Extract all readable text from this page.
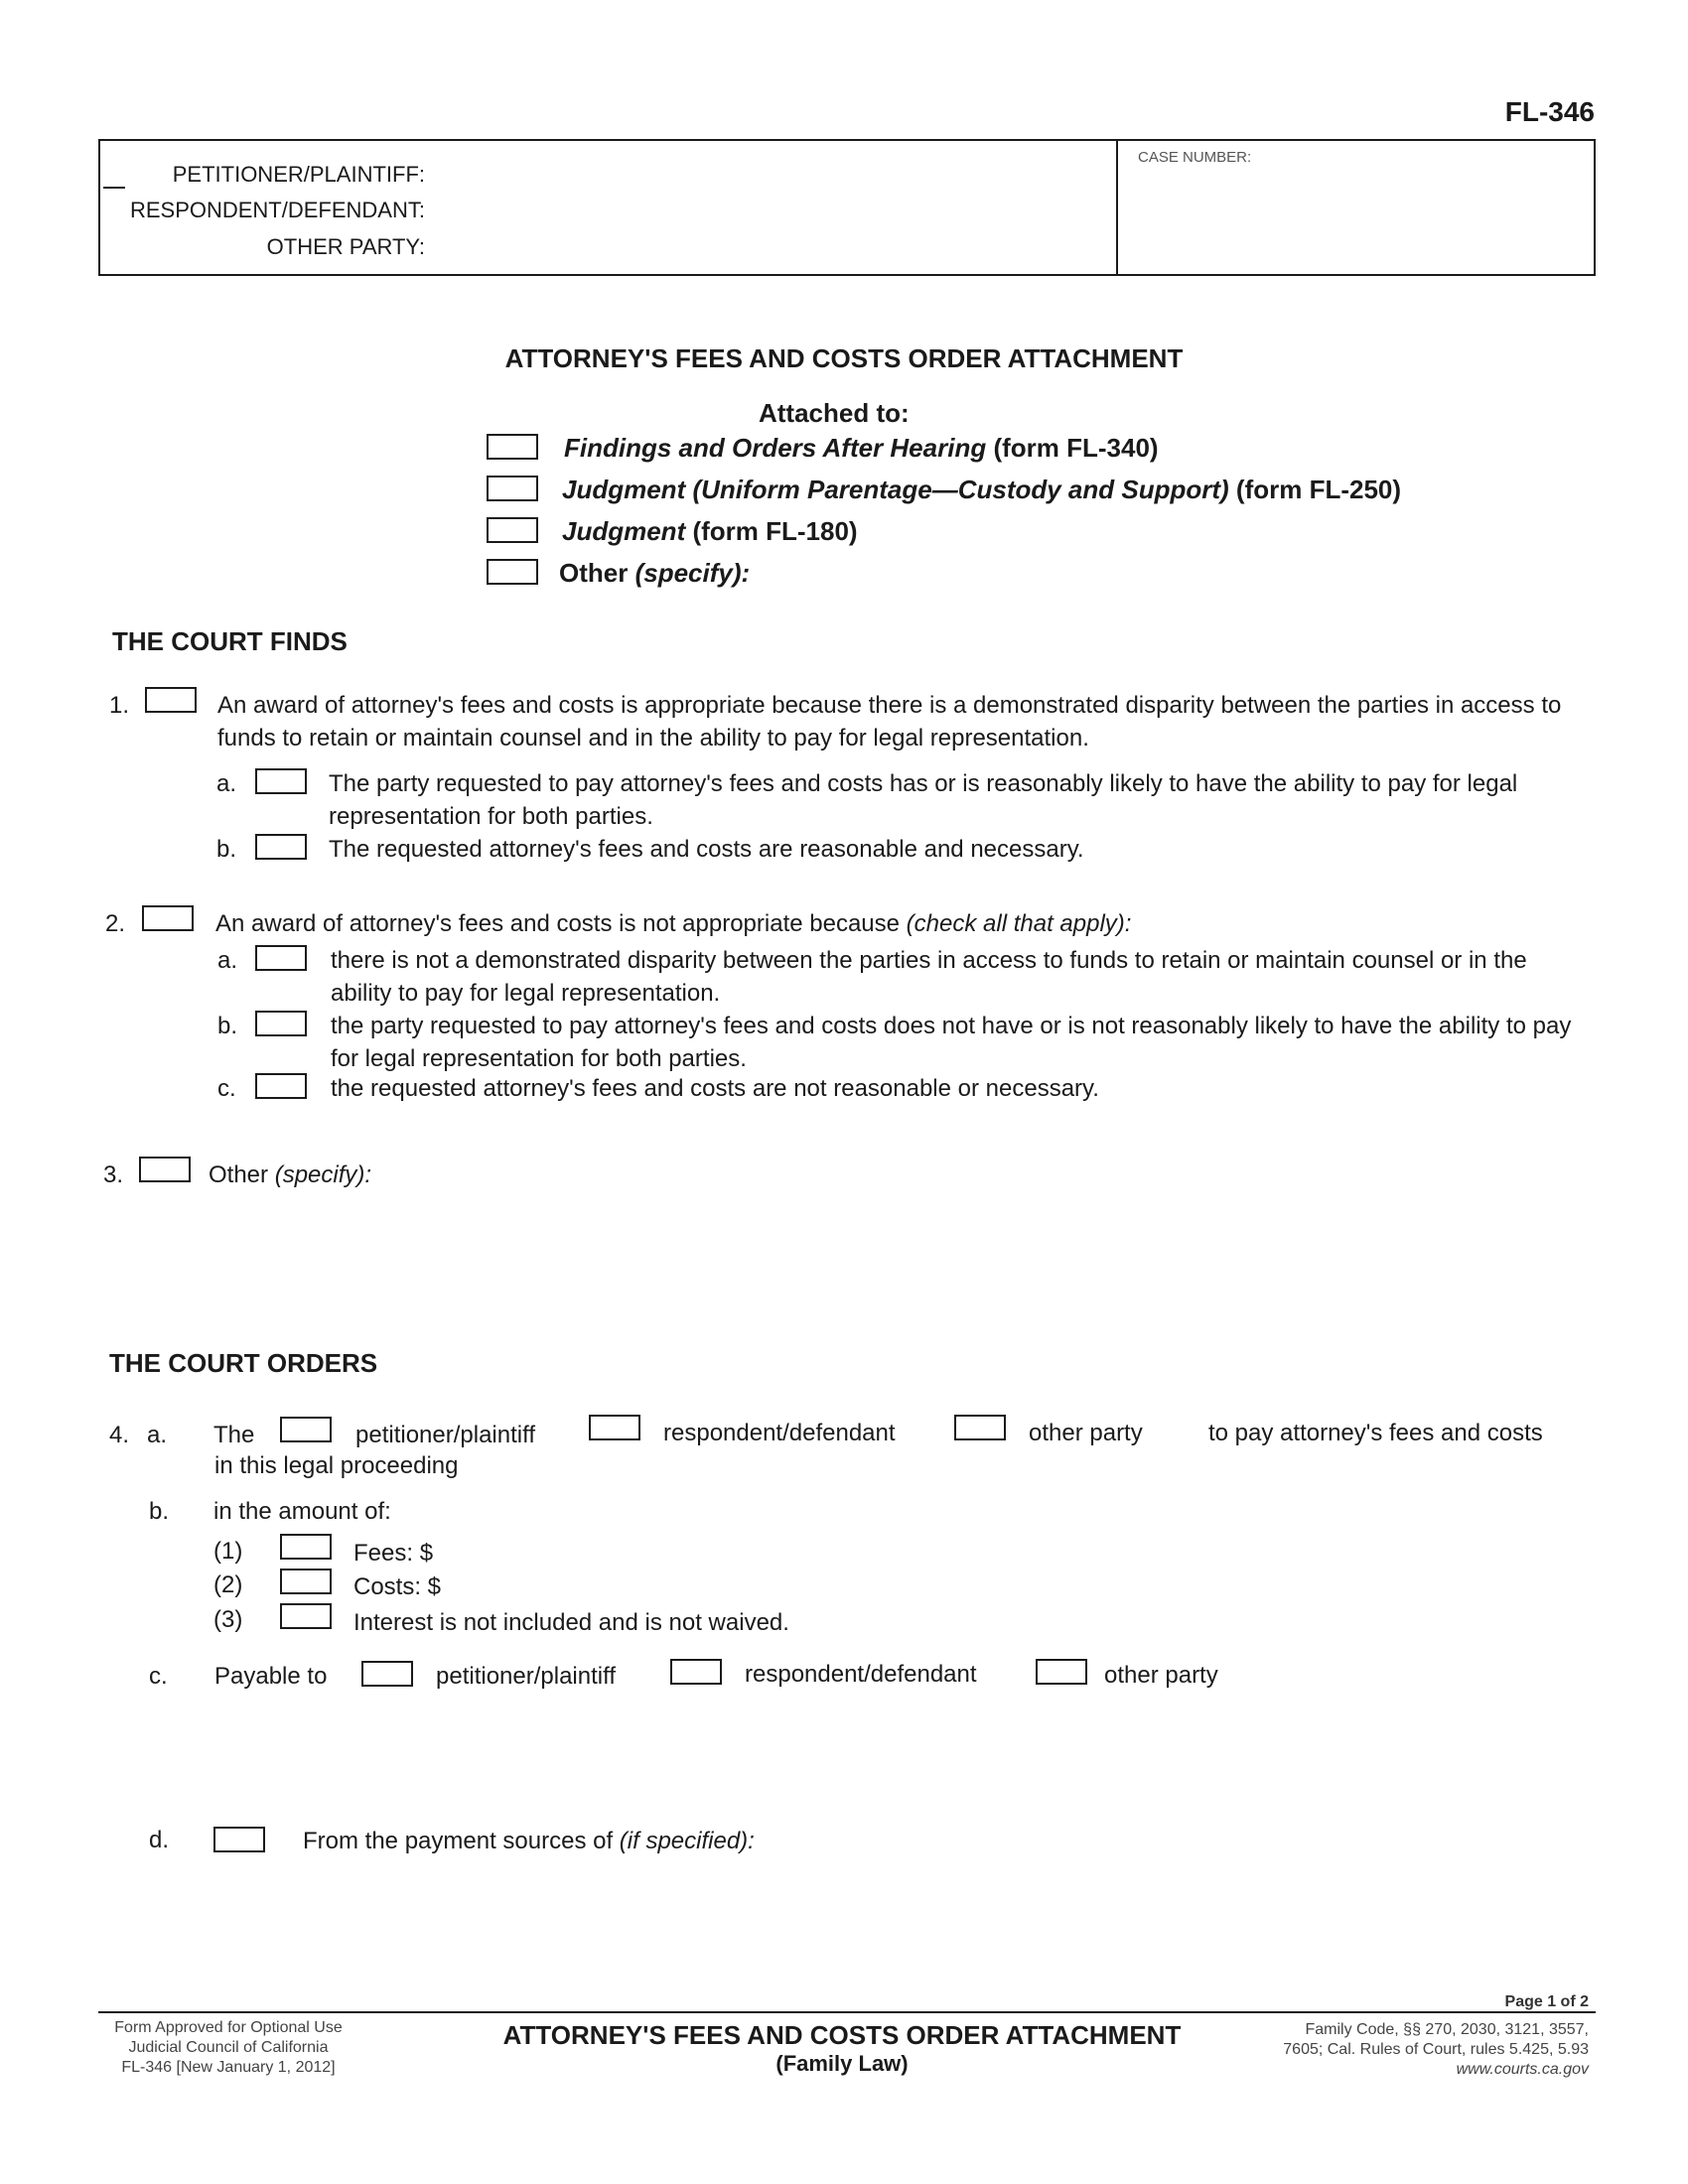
FL-346
PETITIONER/PLAINTIFF:
RESPONDENT/DEFENDANT:
OTHER PARTY:
CASE NUMBER:
ATTORNEY'S FEES AND COSTS ORDER ATTACHMENT
Attached to:
Findings and Orders After Hearing (form FL-340)
Judgment (Uniform Parentage—Custody and Support) (form FL-250)
Judgment (form FL-180)
Other (specify):
THE COURT FINDS
1.	An award of attorney's fees and costs is appropriate because there is a demonstrated disparity between the parties in access to funds to retain or maintain counsel and in the ability to pay for legal representation.
a.	The party requested to pay attorney's fees and costs has or is reasonably likely to have the ability to pay for legal representation for both parties.
b.	The requested attorney's fees and costs are reasonable and necessary.
2.	An award of attorney's fees and costs is not appropriate because (check all that apply):
a.	there is not a demonstrated disparity between the parties in access to funds to retain or maintain counsel or in the ability to pay for legal representation.
b.	the party requested to pay attorney's fees and costs does not have or is not reasonably likely to have the ability to pay for legal representation for both parties.
c.	the requested attorney's fees and costs are not reasonable or necessary.
3.	Other (specify):
THE COURT ORDERS
4. a. The	petitioner/plaintiff	respondent/defendant	other party	to pay attorney's fees and costs
in this legal proceeding
b. in the amount of:
(1)	Fees: $
(2)	Costs: $
(3)	Interest is not included and is not waived.
c. Payable to	petitioner/plaintiff	respondent/defendant	other party
d.	From the payment sources of (if specified):
Page 1 of 2
Form Approved for Optional Use
Judicial Council of California
FL-346 [New January 1, 2012]
ATTORNEY'S FEES AND COSTS ORDER ATTACHMENT
(Family Law)
Family Code, §§ 270, 2030, 3121, 3557,
7605; Cal. Rules of Court, rules 5.425, 5.93
www.courts.ca.gov
